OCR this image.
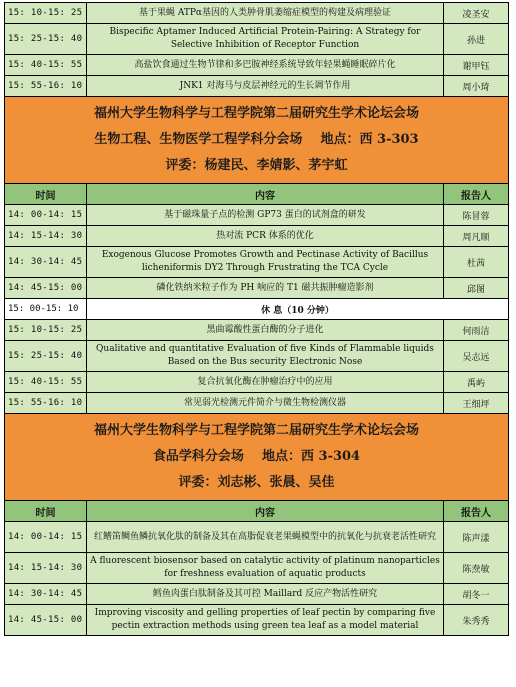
15: 10-15: 25	基于果蝇 ATPα基因的人类肿骨肌萎缩症模型的构建及病理验证	凌圣安
15: 25-15: 40	Bispecific Aptamer Induced Artificial Protein-Pairing: A Strategy for Selective Inhibition of Receptor Function	孙进
15: 40-15: 55	高盐饮食通过生物节律和多巴胺神经系统导致年轻果蝇睡眠碎片化	谢甲钰
15: 55-16: 10	JNK1 对海马与皮层神经元的生长调节作用	周小琦

福州大学生物科学与工程学院第二届研究生学术论坛会场
生物工程、生物医学工程学科分会场    地点：西 3-303
评委：杨建民、李婧影、茅宇虹		

时间	内容	报告人
14: 00-14: 15	基于磁珠量子点的检测 GP73 蛋白的试剂盒的研发	陈冒蓉
14: 15-14: 30	热对流 PCR 体系的优化	周凡顺
14: 30-14: 45	Exogenous Glucose Promotes Growth and Pectinase Activity of Bacillus licheniformis DY2 Through Frustrating the TCA Cycle	杜茜
14: 45-15: 00	磷化铁纳米粒子作为 PH 响应的 T1 磁共振肿瘤造影剂	邱图
15: 00-15: 10	休 息（10 分钟）	
15: 10-15: 25	黑曲霉酸性蛋白酶的分子进化	何雨洁
15: 25-15: 40	Qualitative and quantitative Evaluation of five Kinds of Flammable liquids Based on the Bus security Electronic Nose	吴志远
15: 40-15: 55	复合抗氧化酶在肿瘤治疗中的应用	禹屿
15: 55-16: 10	常见弱光检测元件简介与微生物检测仪器	王细坪

福州大学生物科学与工程学院第二届研究生学术论坛会场
食品学科分会场    地点：西 3-304
评委：刘志彬、张晨、吴佳		

时间	内容	报告人
14: 00-14: 15	红鳍笛鲷鱼鳞抗氧化肽的制备及其在高脂促衰老果蝇模型中的抗氧化与抗衰老活性研究	陈声漾
14: 15-14: 30	A fluorescent biosensor based on catalytic activity of platinum nanoparticles for freshness evaluation of aquatic products	陈焘敏
14: 30-14: 45	鳕鱼肉蛋白肽制备及其可控 Maillard 反应产物活性研究	胡冬一
14: 45-15: 00	Improving viscosity and gelling properties of leaf pectin by comparing five pectin extraction methods using green tea leaf as a model material	朱秀秀
